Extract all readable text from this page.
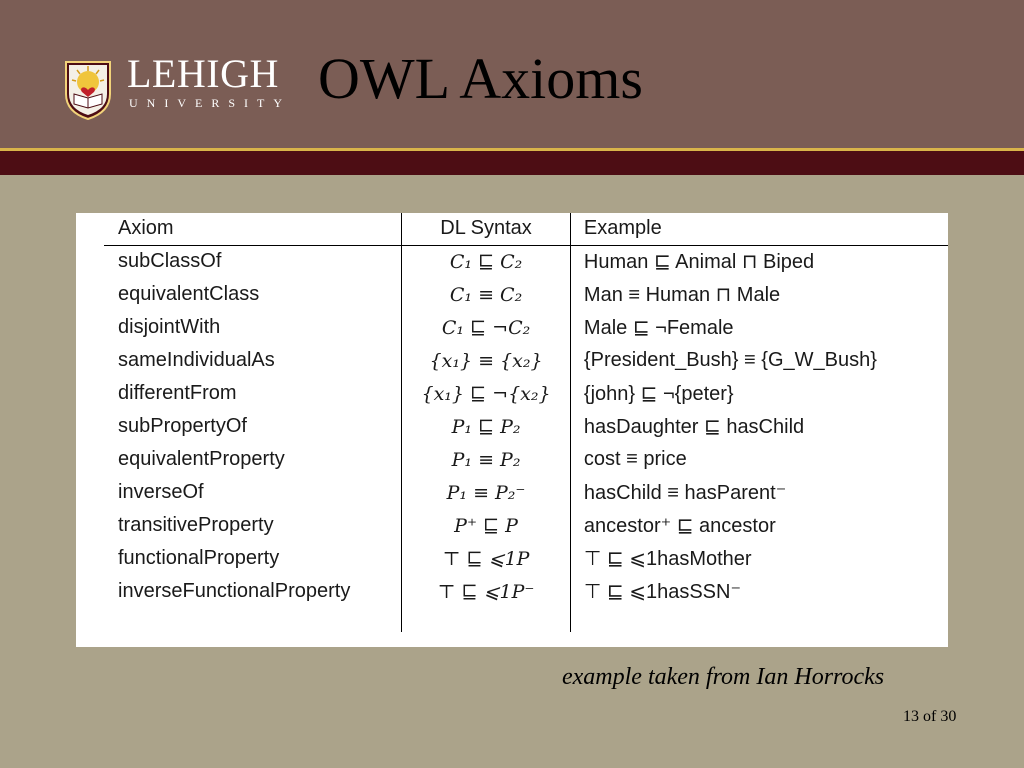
LEHIGH
UNIVERSITY OWL Axioms
Axiom	DL Syntax	Example
subClassOf	C₁ ⊑ C₂	Human ⊑ Animal ⊓ Biped
equivalentClass	C₁ ≡ C₂	Man ≡ Human ⊓ Male
disjointWith	C₁ ⊑ ¬C₂	Male ⊑ ¬Female
sameIndividualAs	{x₁} ≡ {x₂}	{President_Bush} ≡ {G_W_Bush}
differentFrom	{x₁} ⊑ ¬{x₂}	{john} ⊑ ¬{peter}
subPropertyOf	P₁ ⊑ P₂	hasDaughter ⊑ hasChild
equivalentProperty	P₁ ≡ P₂	cost ≡ price
inverseOf	P₁ ≡ P₂⁻	hasChild ≡ hasParent⁻
transitiveProperty	P⁺ ⊑ P	ancestor⁺ ⊑ ancestor
functionalProperty	⊤ ⊑ ⩽1P	⊤ ⊑ ⩽1hasMother
inverseFunctionalProperty	⊤ ⊑ ⩽1P⁻	⊤ ⊑ ⩽1hasSSN⁻

example taken from Ian Horrocks
13 of 30
